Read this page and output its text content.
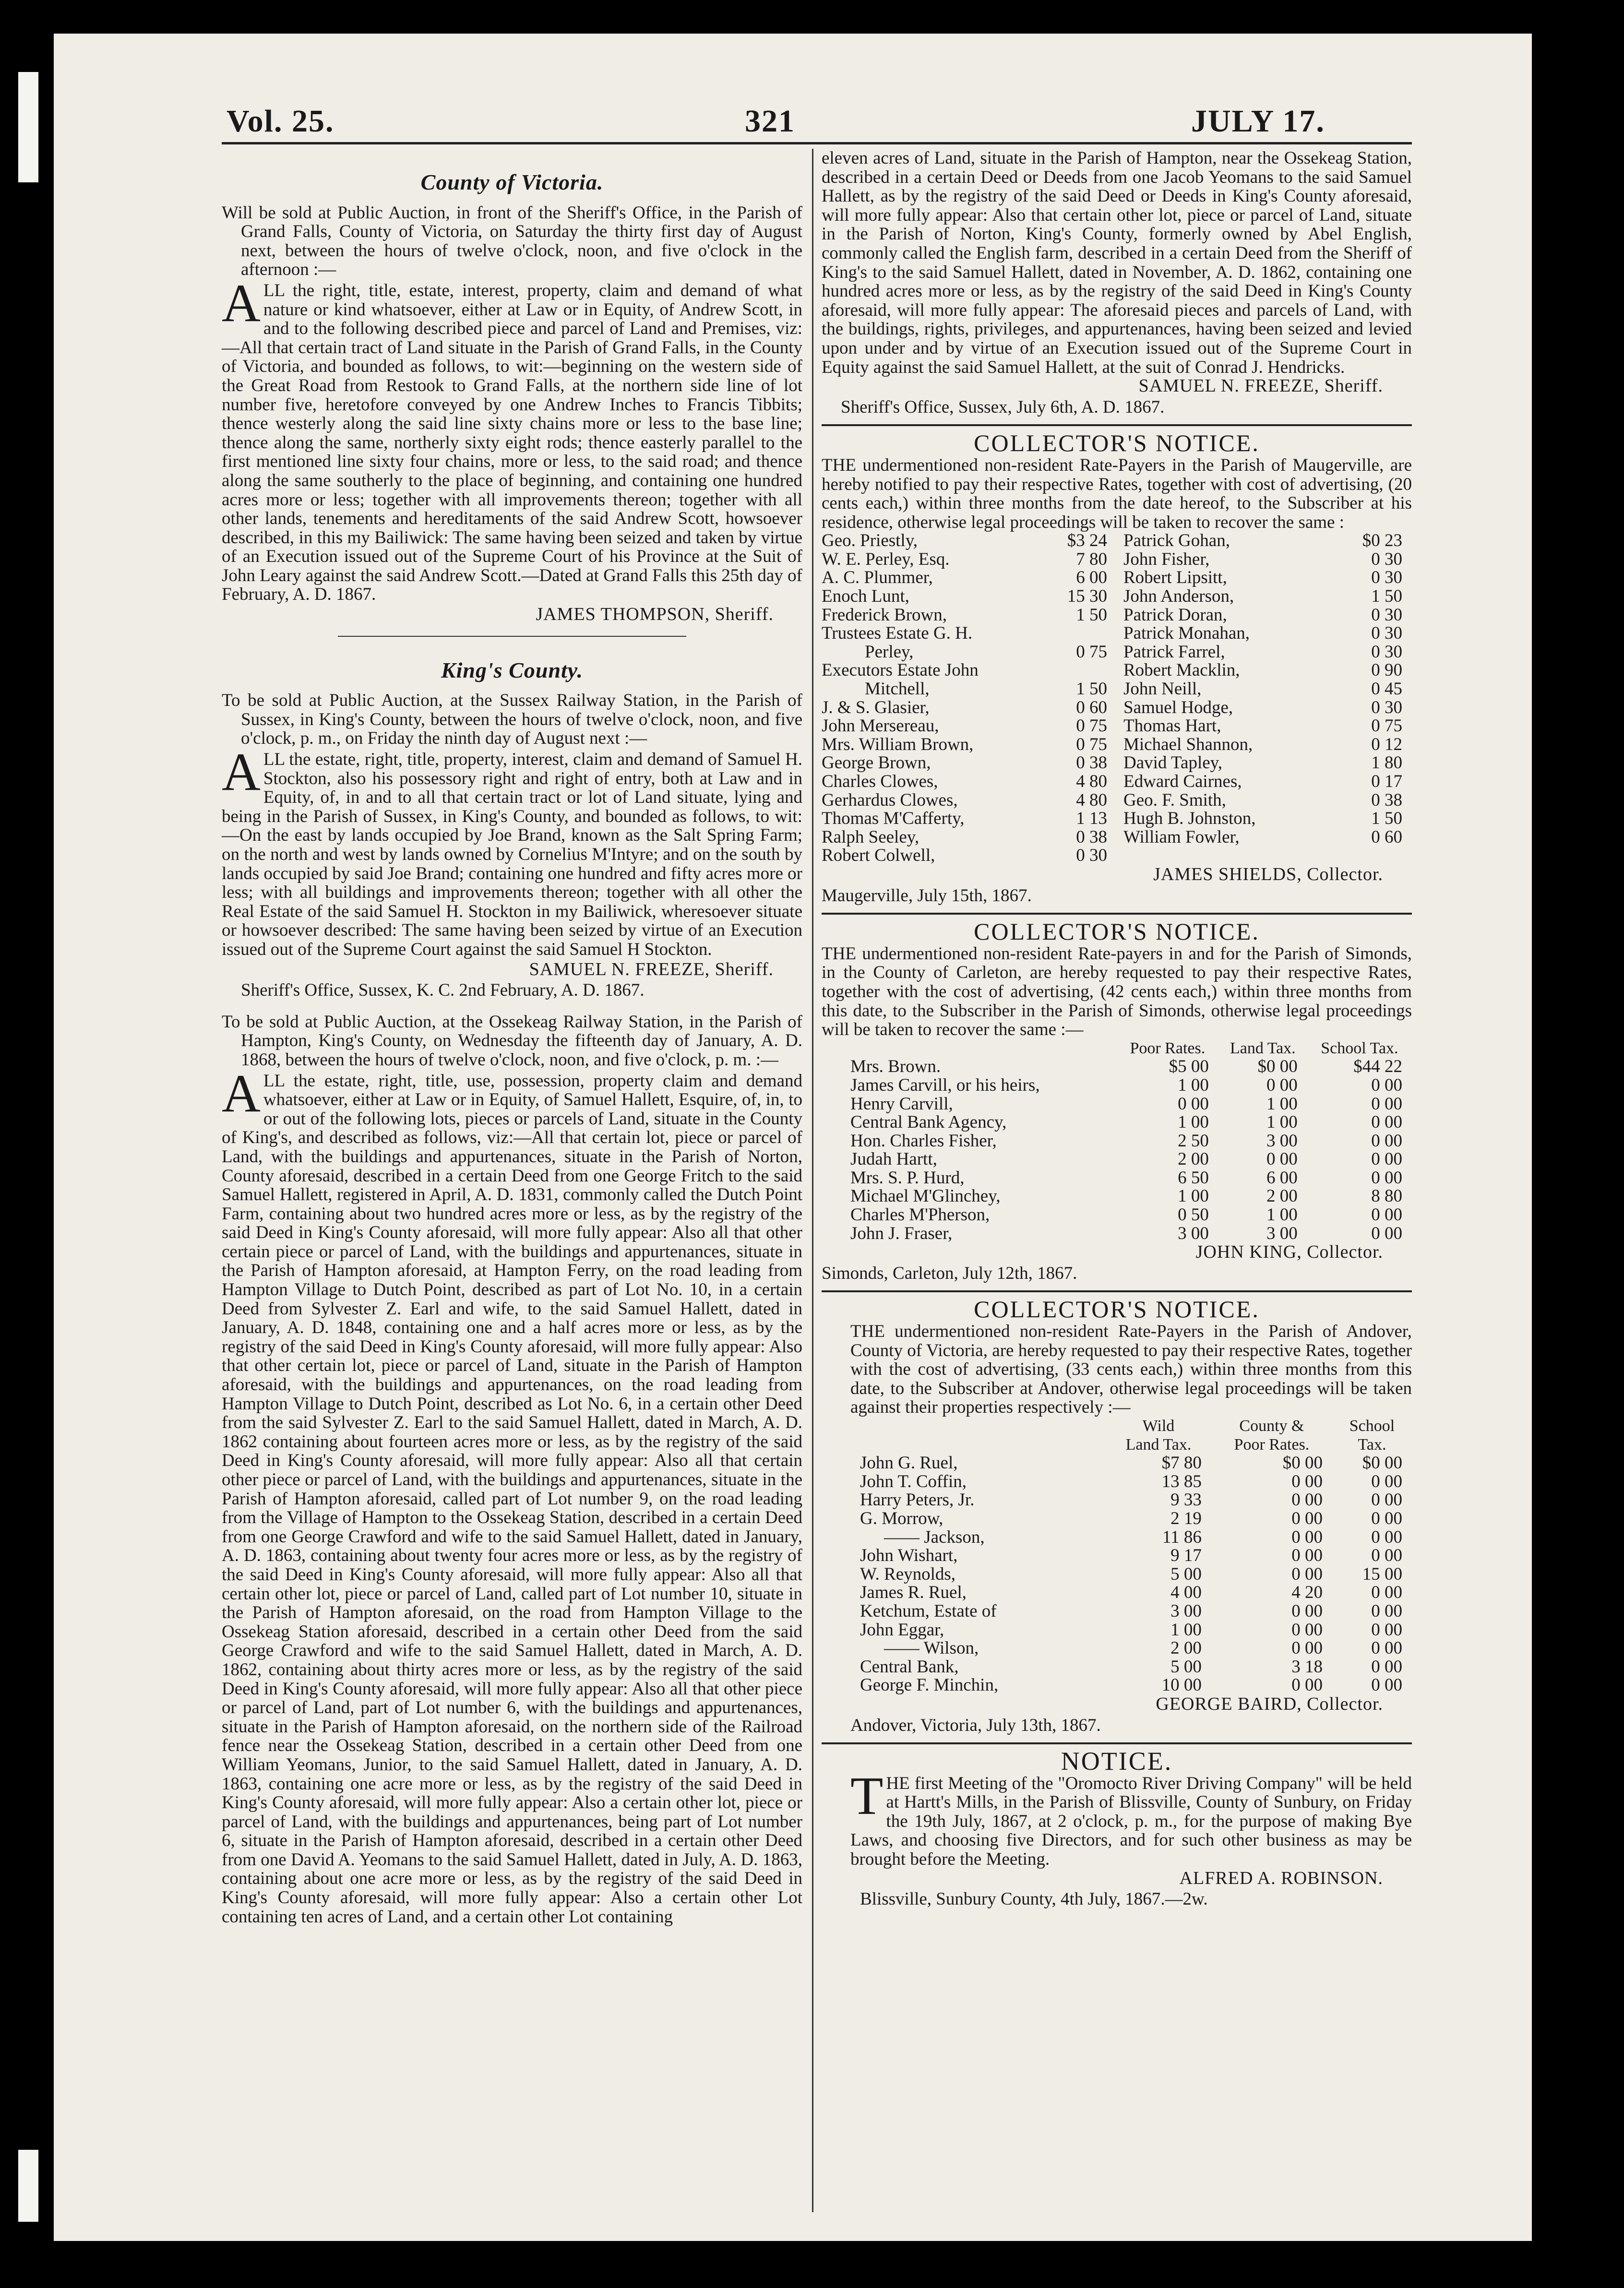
Vol. 25.	321	JULY 17.
County of Victoria.

Will be sold at Public Auction, in front of the Sheriff's Office, in the Parish of Grand Falls, County of Victoria, on Saturday the thirty first day of August next, between the hours of twelve o'clock, noon, and five o'clock in the afternoon :—

ALL the right, title, estate, interest, property, claim and demand of what nature or kind whatsoever, either at Law or in Equity, of Andrew Scott, in and to the following described piece and parcel of Land and Premises, viz:—All that certain tract of Land situate in the Parish of Grand Falls, in the County of Victoria, and bounded as follows, to wit:—beginning on the western side of the Great Road from Restook to Grand Falls, at the northern side line of lot number five, heretofore conveyed by one Andrew Inches to Francis Tibbits; thence westerly along the said line sixty chains more or less to the base line; thence along the same, northerly sixty eight rods; thence easterly parallel to the first mentioned line sixty four chains, more or less, to the said road; and thence along the same southerly to the place of beginning, and containing one hundred acres more or less; together with all improvements thereon; together with all other lands, tenements and hereditaments of the said Andrew Scott, howsoever described, in this my Bailiwick: The same having been seized and taken by virtue of an Execution issued out of the Supreme Court of his Province at the Suit of John Leary against the said Andrew Scott.—Dated at Grand Falls this 25th day of February, A. D. 1867.

JAMES THOMPSON, Sheriff.
King's County.

To be sold at Public Auction, at the Sussex Railway Station, in the Parish of Sussex, in King's County, between the hours of twelve o'clock, noon, and five o'clock, p. m., on Friday the ninth day of August next :—

ALL the estate, right, title, property, interest, claim and demand of Samuel H. Stockton, also his possessory right and right of entry, both at Law and in Equity, of, in and to all that certain tract or lot of Land situate, lying and being in the Parish of Sussex, in King's County, and bounded as follows, to wit:—On the east by lands occupied by Joe Brand, known as the Salt Spring Farm; on the north and west by lands owned by Cornelius M'Intyre; and on the south by lands occupied by said Joe Brand; containing one hundred and fifty acres more or less; with all buildings and improvements thereon; together with all other the Real Estate of the said Samuel H. Stockton in my Bailiwick, wheresoever situate or howsoever described: The same having been seized by virtue of an Execution issued out of the Supreme Court against the said Samuel H Stockton.

SAMUEL N. FREEZE, Sheriff.
Sheriff's Office, Sussex, K. C. 2nd February, A. D. 1867.

To be sold at Public Auction, at the Ossekeag Railway Station, in the Parish of Hampton, King's County, on Wednesday the fifteenth day of January, A. D. 1868, between the hours of twelve o'clock, noon, and five o'clock, p. m. :—

ALL the estate, right, title, use, possession, property claim and demand whatsoever, either at Law or in Equity, of Samuel Hallett, Esquire, of, in, to or out of the following lots, pieces or parcels of Land, situate in the County of King's, and described as follows, viz:—All that certain lot, piece or parcel of Land, with the buildings and appurtenances, situate in the Parish of Norton, County aforesaid, described in a certain Deed from one George Fritch to the said Samuel Hallett, registered in April, A. D. 1831, commonly called the Dutch Point Farm, containing about two hundred acres more or less, as by the registry of the said Deed in King's County aforesaid, will more fully appear: Also all that other certain piece or parcel of Land, with the buildings and appurtenances, situate in the Parish of Hampton aforesaid, at Hampton Ferry, on the road leading from Hampton Village to Dutch Point, described as part of Lot No. 10, in a certain Deed from Sylvester Z. Earl and wife, to the said Samuel Hallett, dated in January, A. D. 1848, containing one and a half acres more or less, as by the registry of the said Deed in King's County aforesaid, will more fully appear: Also that other certain lot, piece or parcel of Land, situate in the Parish of Hampton aforesaid, with the buildings and appurtenances, on the road leading from Hampton Village to Dutch Point, described as Lot No. 6, in a certain other Deed from the said Sylvester Z. Earl to the said Samuel Hallett, dated in March, A. D. 1862 containing about fourteen acres more or less, as by the registry of the said Deed in King's County aforesaid, will more fully appear: Also all that certain other piece or parcel of Land, with the buildings and appurtenances, situate in the Parish of Hampton aforesaid, called part of Lot number 9, on the road leading from the Village of Hampton to the Ossekeag Station, described in a certain Deed from one George Crawford and wife to the said Samuel Hallett, dated in January, A. D. 1863, containing about twenty four acres more or less, as by the registry of the said Deed in King's County aforesaid, will more fully appear: Also all that certain other lot, piece or parcel of Land, called part of Lot number 10, situate in the Parish of Hampton aforesaid, on the road from Hampton Village to the Ossekeag Station aforesaid, described in a certain other Deed from the said George Crawford and wife to the said Samuel Hallett, dated in March, A. D. 1862, containing about thirty acres more or less, as by the registry of the said Deed in King's County aforesaid, will more fully appear: Also all that other piece or parcel of Land, part of Lot number 6, with the buildings and appurtenances, situate in the Parish of Hampton aforesaid, on the northern side of the Railroad fence near the Ossekeag Station, described in a certain other Deed from one William Yeomans, Junior, to the said Samuel Hallett, dated in January, A. D. 1863, containing one acre more or less, as by the registry of the said Deed in King's County aforesaid, will more fully appear: Also a certain other lot, piece or parcel of Land, with the buildings and appurtenances, being part of Lot number 6, situate in the Parish of Hampton aforesaid, described in a certain other Deed from one David A. Yeomans to the said Samuel Hallett, dated in July, A. D. 1863, containing about one acre more or less, as by the registry of the said Deed in King's County aforesaid, will more fully appear: Also a certain other Lot containing ten acres of Land, and a certain other Lot containing

eleven acres of Land, situate in the Parish of Hampton, near the Ossekeag Station, described in a certain Deed or Deeds from one Jacob Yeomans to the said Samuel Hallett, as by the registry of the said Deed or Deeds in King's County aforesaid, will more fully appear: Also that certain other lot, piece or parcel of Land, situate in the Parish of Norton, King's County, formerly owned by Abel English, commonly called the English farm, described in a certain Deed from the Sheriff of King's to the said Samuel Hallett, dated in November, A. D. 1862, containing one hundred acres more or less, as by the registry of the said Deed in King's County aforesaid, will more fully appear: The aforesaid pieces and parcels of Land, with the buildings, rights, privileges, and appurtenances, having been seized and levied upon under and by virtue of an Execution issued out of the Supreme Court in Equity against the said Samuel Hallett, at the suit of Conrad J. Hendricks.

SAMUEL N. FREEZE, Sheriff.
Sheriff's Office, Sussex, July 6th, A. D. 1867.
COLLECTOR'S NOTICE.

THE undermentioned non-resident Rate-Payers in the Parish of Maugerville, are hereby notified to pay their respective Rates, together with cost of advertising, (20 cents each,) within three months from the date hereof, to the Subscriber at his residence, otherwise legal proceedings will be taken to recover the same :

Geo. Priestly,	$3 24
W. E. Perley, Esq.	7 80
A. C. Plummer,	6 00
Enoch Lunt,	15 30
Frederick Brown,	1 50
Trustees Estate G. H.	
Perley,	0 75
Executors Estate John	
Mitchell,	1 50
J. & S. Glasier,	0 60
John Mersereau,	0 75
Mrs. William Brown,	0 75
George Brown,	0 38
Charles Clowes,	4 80
Gerhardus Clowes,	4 80
Thomas M'Cafferty,	1 13
Ralph Seeley,	0 38
Robert Colwell,	0 30

Patrick Gohan,	$0 23
John Fisher,	0 30
Robert Lipsitt,	0 30
John Anderson,	1 50
Patrick Doran,	0 30
Patrick Monahan,	0 30
Patrick Farrel,	0 30
Robert Macklin,	0 90
John Neill,	0 45
Samuel Hodge,	0 30
Thomas Hart,	0 75
Michael Shannon,	0 12
David Tapley,	1 80
Edward Cairnes,	0 17
Geo. F. Smith,	0 38
Hugh B. Johnston,	1 50
William Fowler,	0 60
JAMES SHIELDS, Collector.
Maugerville, July 15th, 1867.
COLLECTOR'S NOTICE.

THE undermentioned non-resident Rate-payers in and for the Parish of Simonds, in the County of Carleton, are hereby requested to pay their respective Rates, together with the cost of advertising, (42 cents each,) within three months from this date, to the Subscriber in the Parish of Simonds, otherwise legal proceedings will be taken to recover the same :—

	Poor Rates.	Land Tax.	School Tax.
Mrs. Brown.	$5 00	$0 00	$44 22
James Carvill, or his heirs,	1 00	0 00	0 00
Henry Carvill,	0 00	1 00	0 00
Central Bank Agency,	1 00	1 00	0 00
Hon. Charles Fisher,	2 50	3 00	0 00
Judah Hartt,	2 00	0 00	0 00
Mrs. S. P. Hurd,	6 50	6 00	0 00
Michael M'Glinchey,	1 00	2 00	8 80
Charles M'Pherson,	0 50	1 00	0 00
John J. Fraser,	3 00	3 00	0 00
JOHN KING, Collector.
Simonds, Carleton, July 12th, 1867.
COLLECTOR'S NOTICE.

THE undermentioned non-resident Rate-Payers in the Parish of Andover, County of Victoria, are hereby requested to pay their respective Rates, together with the cost of advertising, (33 cents each,) within three months from this date, to the Subscriber at Andover, otherwise legal proceedings will be taken against their properties respectively :—

	Wild	County &	School
	Land Tax.	Poor Rates.	Tax.
John G. Ruel,	$7 80	$0 00	$0 00
John T. Coffin,	13 85	0 00	0 00
Harry Peters, Jr.	9 33	0 00	0 00
G. Morrow,	2 19	0 00	0 00
—— Jackson,	11 86	0 00	0 00
John Wishart,	9 17	0 00	0 00
W. Reynolds,	5 00	0 00	15 00
James R. Ruel,	4 00	4 20	0 00
Ketchum, Estate of	3 00	0 00	0 00
John Eggar,	1 00	0 00	0 00
—— Wilson,	2 00	0 00	0 00
Central Bank,	5 00	3 18	0 00
George F. Minchin,	10 00	0 00	0 00
GEORGE BAIRD, Collector.
Andover, Victoria, July 13th, 1867.
NOTICE.

THE first Meeting of the "Oromocto River Driving Company" will be held at Hartt's Mills, in the Parish of Blissville, County of Sunbury, on Friday the 19th July, 1867, at 2 o'clock, p. m., for the purpose of making Bye Laws, and choosing five Directors, and for such other business as may be brought before the Meeting.

ALFRED A. ROBINSON.
Blissville, Sunbury County, 4th July, 1867.—2w.
